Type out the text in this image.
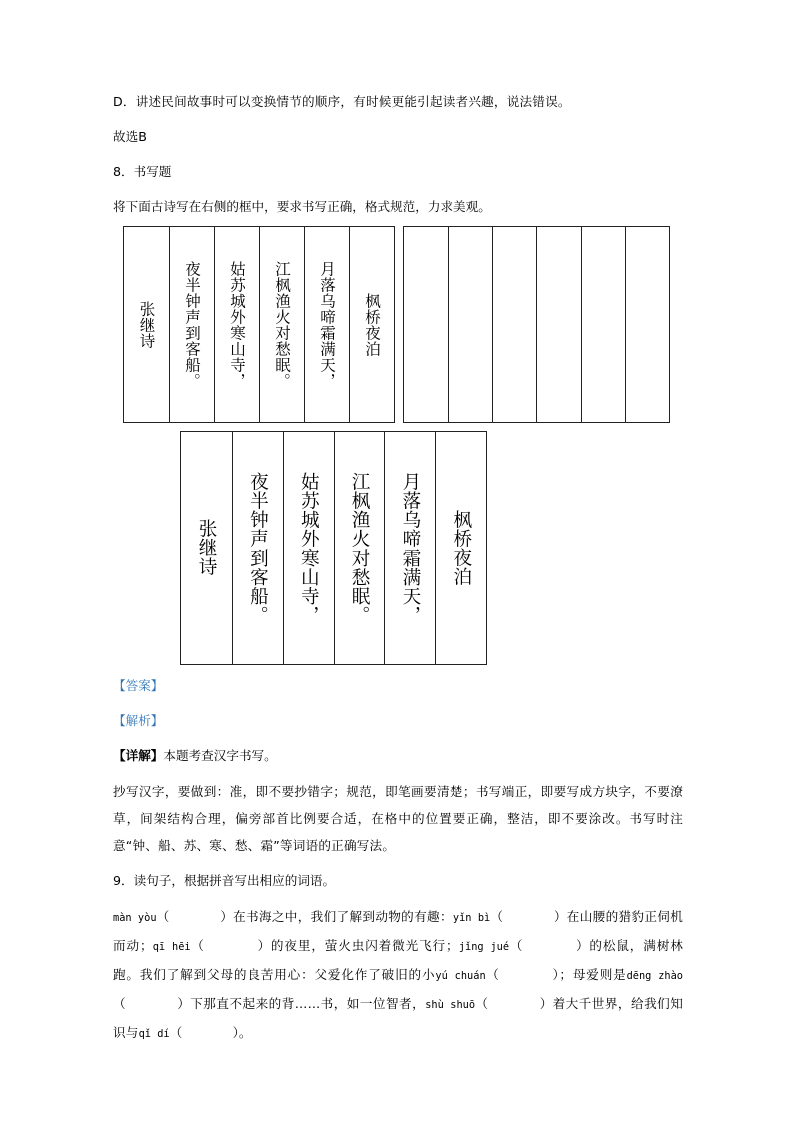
D．讲述民间故事时可以变换情节的顺序，有时候更能引起读者兴趣，说法错误。

故选B

8．书写题

将下面古诗写在右侧的框中，要求书写正确，格式规范，力求美观。

枫桥夜泊
月落乌啼霜满天，
江枫渔火对愁眠。
姑苏城外寒山寺，
夜半钟声到客船。
张继诗
枫桥夜泊
月落乌啼霜满天，
江枫渔火对愁眠。
姑苏城外寒山寺，
夜半钟声到客船。
张继诗

【答案】

【解析】

【详解】本题考查汉字书写。

抄写汉字，要做到：准，即不要抄错字；规范，即笔画要清楚；书写端正，即要写成方块字，不要潦草，间架结构合理，偏旁部首比例要合适，在格中的位置要正确，整洁，即不要涂改。书写时注意“钟、船、苏、寒、愁、霜”等词语的正确写法。

9．读句子，根据拼音写出相应的词语。

màn yòu（　　　　）在书海之中，我们了解到动物的有趣：yǐn bì（　　　　）在山腰的猎豹正伺机而动；qī hēi（　　　　）的夜里，萤火虫闪着微光飞行；jǐng jué（　　　　）的松鼠，满树林跑。我们了解到父母的良苦用心：父爱化作了破旧的小yú chuán（　　　　）；母爱则是dēng zhào（　　　　）下那直不起来的背……书，如一位智者，shù shuō（　　　　）着大千世界，给我们知识与qǐ dí（　　　　）。
